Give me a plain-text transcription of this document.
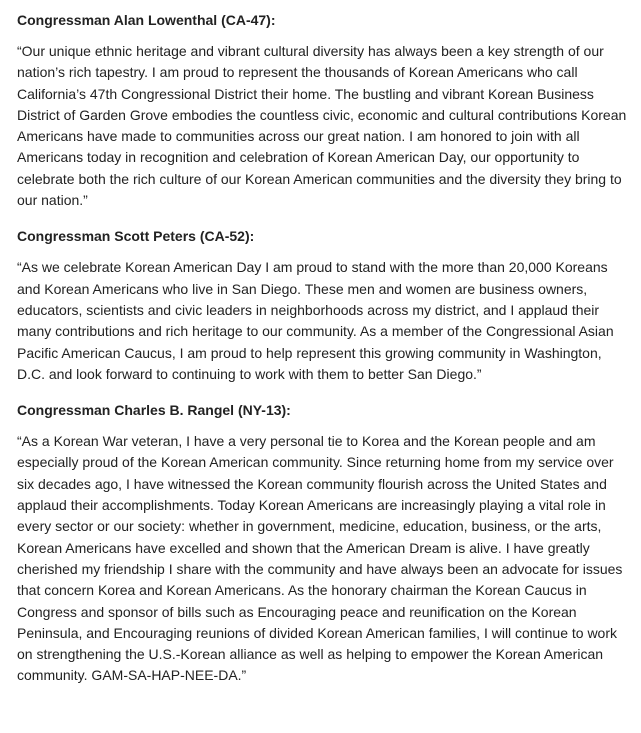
Congressman Alan Lowenthal (CA-47):

“Our unique ethnic heritage and vibrant cultural diversity has always been a key strength of our nation’s rich tapestry. I am proud to represent the thousands of Korean Americans who call California’s 47th Congressional District their home. The bustling and vibrant Korean Business District of Garden Grove embodies the countless civic, economic and cultural contributions Korean Americans have made to communities across our great nation. I am honored to join with all Americans today in recognition and celebration of Korean American Day, our opportunity to celebrate both the rich culture of our Korean American communities and the diversity they bring to our nation.”

Congressman Scott Peters (CA-52):

“As we celebrate Korean American Day I am proud to stand with the more than 20,000 Koreans and Korean Americans who live in San Diego. These men and women are business owners, educators, scientists and civic leaders in neighborhoods across my district, and I applaud their many contributions and rich heritage to our community. As a member of the Congressional Asian Pacific American Caucus, I am proud to help represent this growing community in Washington, D.C. and look forward to continuing to work with them to better San Diego.”

Congressman Charles B. Rangel (NY-13):

“As a Korean War veteran, I have a very personal tie to Korea and the Korean people and am especially proud of the Korean American community. Since returning home from my service over six decades ago, I have witnessed the Korean community flourish across the United States and applaud their accomplishments. Today Korean Americans are increasingly playing a vital role in every sector or our society: whether in government, medicine, education, business, or the arts, Korean Americans have excelled and shown that the American Dream is alive. I have greatly cherished my friendship I share with the community and have always been an advocate for issues that concern Korea and Korean Americans. As the honorary chairman the Korean Caucus in Congress and sponsor of bills such as Encouraging peace and reunification on the Korean Peninsula, and Encouraging reunions of divided Korean American families, I will continue to work on strengthening the U.S.-Korean alliance as well as helping to empower the Korean American community. GAM-SA-HAP-NEE-DA.”
